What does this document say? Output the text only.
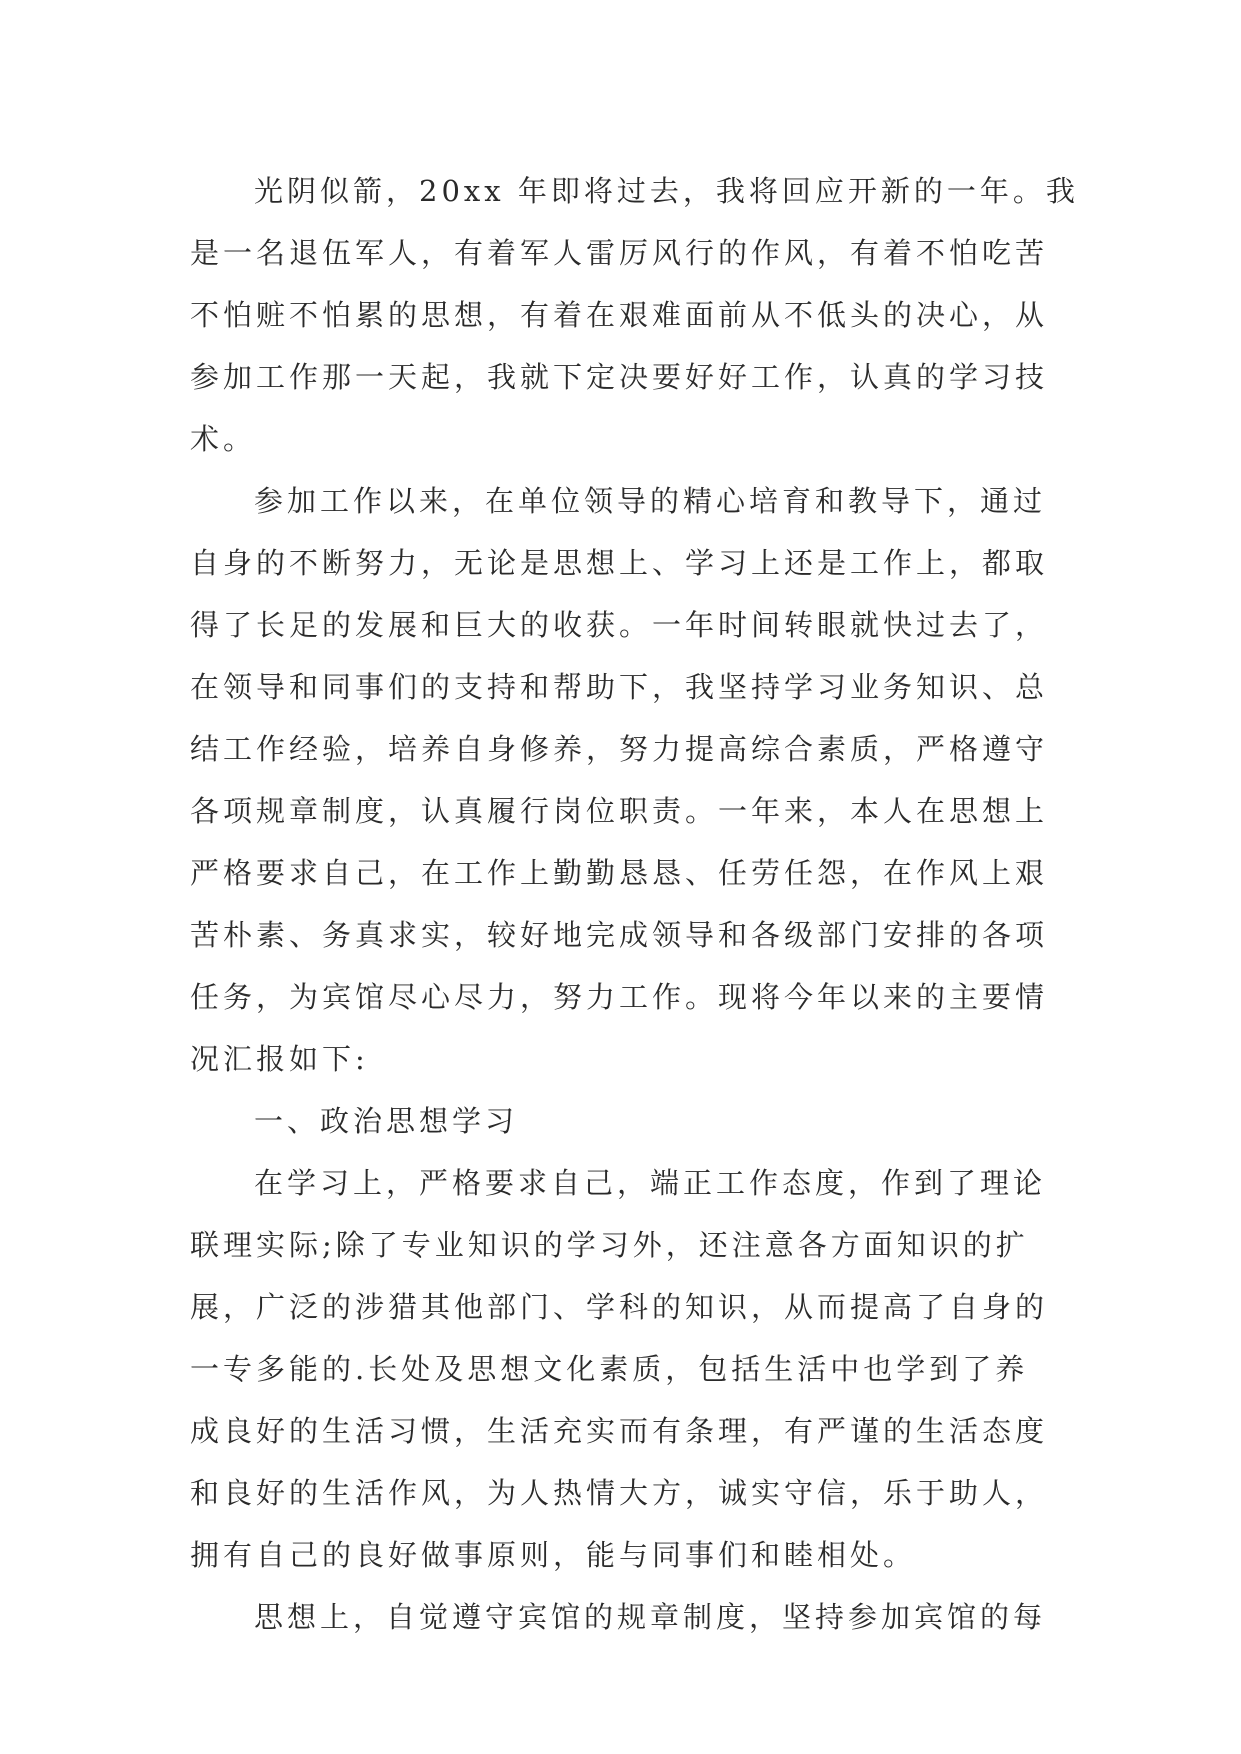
光阴似箭，20xx 年即将过去，我将回应开新的一年。我
是一名退伍军人，有着军人雷厉风行的作风，有着不怕吃苦
不怕赃不怕累的思想，有着在艰难面前从不低头的决心，从
参加工作那一天起，我就下定决要好好工作，认真的学习技
术。
参加工作以来，在单位领导的精心培育和教导下，通过
自身的不断努力，无论是思想上、学习上还是工作上，都取
得了长足的发展和巨大的收获。一年时间转眼就快过去了，
在领导和同事们的支持和帮助下，我坚持学习业务知识、总
结工作经验，培养自身修养，努力提高综合素质，严格遵守
各项规章制度，认真履行岗位职责。一年来，本人在思想上
严格要求自己，在工作上勤勤恳恳、任劳任怨，在作风上艰
苦朴素、务真求实，较好地完成领导和各级部门安排的各项
任务，为宾馆尽心尽力，努力工作。现将今年以来的主要情
况汇报如下:
一、政治思想学习
在学习上，严格要求自己，端正工作态度，作到了理论
联理实际;除了专业知识的学习外，还注意各方面知识的扩
展，广泛的涉猎其他部门、学科的知识，从而提高了自身的
一专多能的.长处及思想文化素质，包括生活中也学到了养
成良好的生活习惯，生活充实而有条理，有严谨的生活态度
和良好的生活作风，为人热情大方，诚实守信，乐于助人，
拥有自己的良好做事原则，能与同事们和睦相处。
思想上，自觉遵守宾馆的规章制度，坚持参加宾馆的每
